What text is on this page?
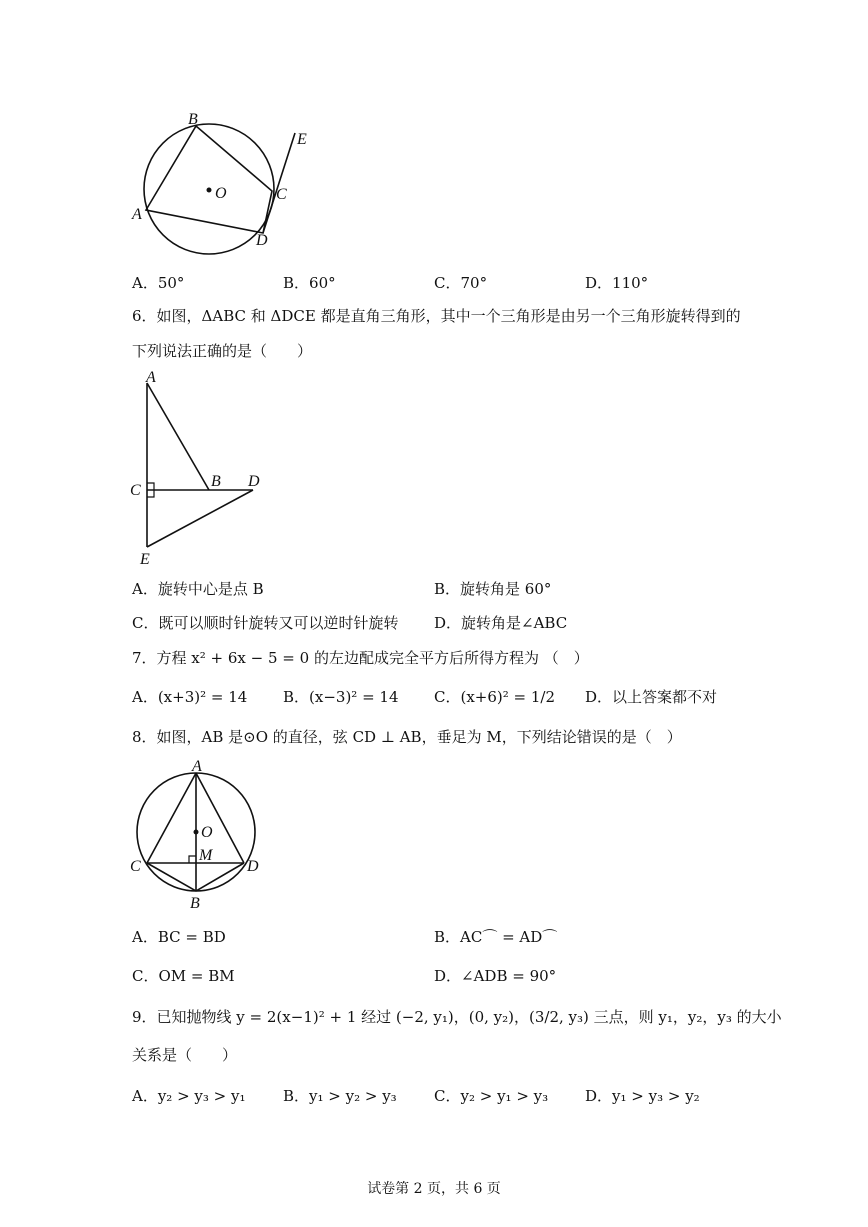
B
E
O	C
A
D
A．50°	B．60°	C．70°	D．110°
6．如图，ΔABC 和 ΔDCE 都是直角三角形，其中一个三角形是由另一个三角形旋转得到的
下列说法正确的是（　　）
A
B D
C
E
A．旋转中心是点 B	B．旋转角是 60°
C．既可以顺时针旋转又可以逆时针旋转 D．旋转角是∠ABC
7．方程 x² + 6x − 5 = 0 的左边配成完全平方后所得方程为 （　）
A．(x+3)² = 14 B．(x−3)² = 14 C．(x+6)² = 1/2 D．以上答案都不对
8．如图，AB 是⊙O 的直径，弦 CD ⊥ AB，垂足为 M，下列结论错误的是（　）
A
O
M
C	D
B
A．BC = BD	B．AC⌒ = AD⌒
C．OM = BM	D．∠ADB = 90°
9．已知抛物线 y = 2(x−1)² + 1 经过 (−2, y₁)，(0, y₂)，(3/2, y₃) 三点，则 y₁，y₂，y₃ 的大小
关系是（　　）
A．y₂ > y₃ > y₁ B．y₁ > y₂ > y₃ C．y₂ > y₁ > y₃ D．y₁ > y₃ > y₂
试卷第 2 页，共 6 页
